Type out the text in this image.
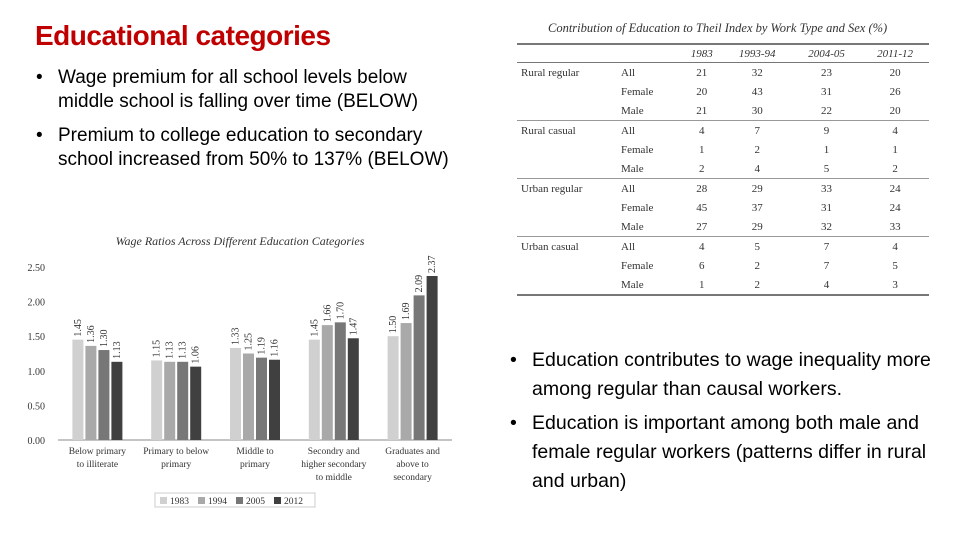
Educational categories
• Wage premium for all school levels below middle school is falling over time (BELOW)
• Premium to college education to secondary school increased from 50% to 137% (BELOW)
• Education contributes to wage inequality more among regular than causal workers.
• Education is important among both male and female regular workers (patterns differ in rural and urban)
Contribution of Education to Theil Index by Work Type and Sex (%)
		1983	1993-94	2004-05	2011-12
Rural regular	All	21	32	23	20
	Female	20	43	31	26
	Male	21	30	22	20
Rural casual	All	4	7	9	4
	Female	1	2	1	1
	Male	2	4	5	2
Urban regular	All	28	29	33	24
	Female	45	37	31	24
	Male	27	29	32	33
Urban casual	All	4	5	7	4
	Female	6	2	7	5
	Male	1	2	4	3
Wage Ratios Across Different Education Categories
2.50
2.00
1.50
1.00
0.50
0.00
1.45 1.36 1.30
1.13	1.15 1.13 1.13 1.06
1.33 1.25 1.19 1.16
1.45
1.66 1.70
1.47	1.50
1.69
2.09
2.37
Below primary
to illiterate
Primary to below
primary
Middle to
primary
Secondry and
higher secondary
to middle
Graduates and
above to
secondary
1983 1994 2005 2012
